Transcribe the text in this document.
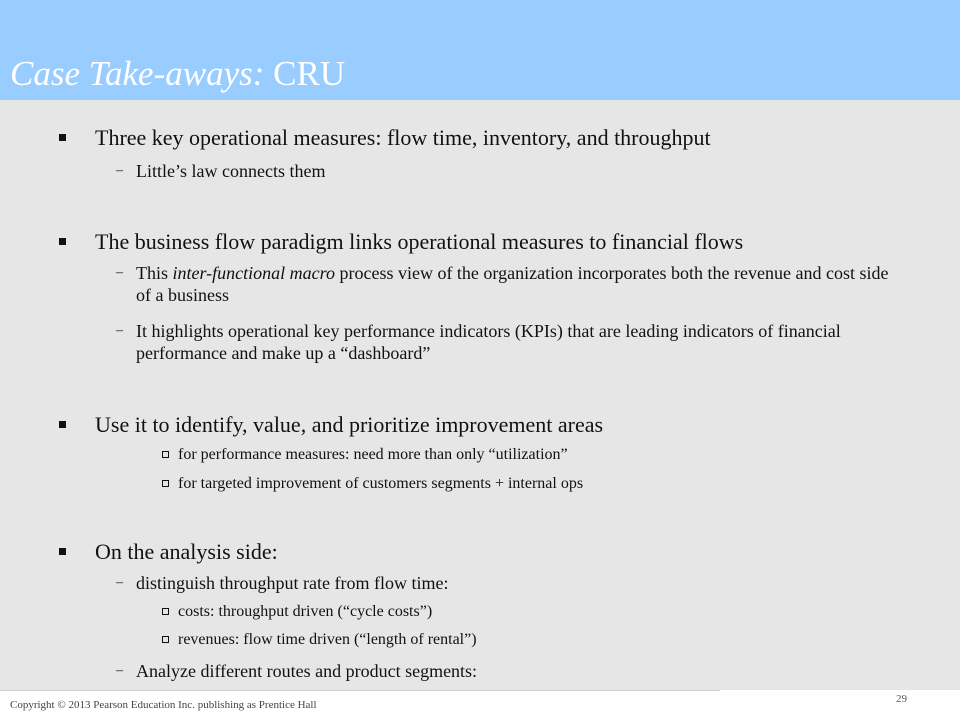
Case Take-aways: CRU
Three key operational measures: flow time, inventory, and throughput
– Little’s law connects them
The business flow paradigm links operational measures to financial flows
– This inter-functional macro process view of the organization incorporates both the revenue and cost side of a business
– It highlights operational key performance indicators (KPIs) that are leading indicators of financial performance and make up a “dashboard”
Use it to identify, value, and prioritize improvement areas
for performance measures: need more than only “utilization”
for targeted improvement of customers segments + internal ops
On the analysis side:
– distinguish throughput rate from flow time:
costs: throughput driven (“cycle costs”)
revenues: flow time driven (“length of rental”)
– Analyze different routes and product segments:
Copyright © 2013 Pearson Education Inc. publishing as Prentice Hall	29
